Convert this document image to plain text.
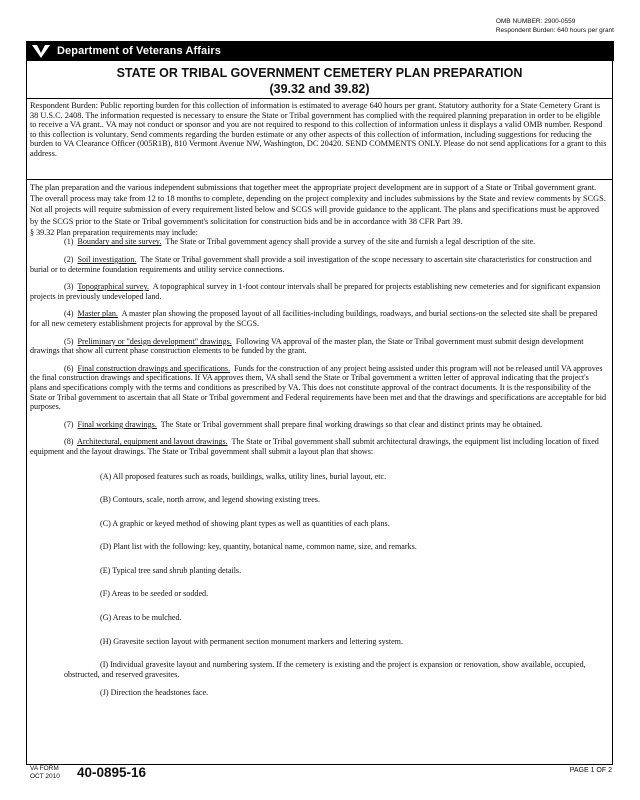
OMB NUMBER: 2900-0559
Respondent Burden: 640 hours per grant
Department of Veterans Affairs
STATE OR TRIBAL GOVERNMENT CEMETERY PLAN PREPARATION
(39.32 and 39.82)
Respondent Burden: Public reporting burden for this collection of information is estimated to average 640 hours per grant. Statutory authority for a State Cemetery Grant is 38 U.S.C. 2408. The information requested is necessary to ensure the State or Tribal government has complied with the required planning preparation in order to be eligible to receive a VA grant.. VA may not conduct or sponsor and you are not required to respond to this collection of information unless it displays a valid OMB number. Respond to this collection is voluntary. Send comments regarding the burden estimate or any other aspects of this collection of information, including suggestions for reducing the burden to VA Clearance Officer (005R1B), 810 Vermont Avenue NW, Washington, DC 20420. SEND COMMENTS ONLY. Please do not send applications for a grant to this address.

The plan preparation and the various independent submissions that together meet the appropriate project development are in support of a State or Tribal government grant. The overall process may take from 12 to 18 months to complete, depending on the project complexity and includes submissions by the State and review comments by SCGS. Not all projects will require submission of every requirement listed below and SCGS will provide guidance to the applicant. The plans and specifications must be approved by the SCGS prior to the State or Tribal government's solicitation for construction bids and be in accordance with 38 CFR Part 39.

§ 39.32 Plan preparation requirements may include:

(1) Boundary and site survey. The State or Tribal government agency shall provide a survey of the site and furnish a legal description of the site.

(2) Soil investigation. The State or Tribal government shall provide a soil investigation of the scope necessary to ascertain site characteristics for construction and burial or to determine foundation requirements and utility service connections.

(3) Topographical survey. A topographical survey in 1-foot contour intervals shall be prepared for projects establishing new cemeteries and for significant expansion projects in previously undeveloped land.

(4) Master plan. A master plan showing the proposed layout of all facilities-including buildings, roadways, and burial sections-on the selected site shall be prepared for all new cemetery establishment projects for approval by the SCGS.

(5) Preliminary or "design development" drawings. Following VA approval of the master plan, the State or Tribal government must submit design development drawings that show all current phase construction elements to be funded by the grant.

(6) Final construction drawings and specifications. Funds for the construction of any project being assisted under this program will not be released until VA approves the final construction drawings and specifications. If VA approves them, VA shall send the State or Tribal government a written letter of approval indicating that the project's plans and specifications comply with the terms and conditions as prescribed by VA. This does not constitute approval of the contract documents. It is the responsibility of the State or Tribal government to ascertain that all State or Tribal government and Federal requirements have been met and that the drawings and specifications are acceptable for bid purposes.

(7) Final working drawings. The State or Tribal government shall prepare final working drawings so that clear and distinct prints may be obtained.

(8) Architectural, equipment and layout drawings. The State or Tribal government shall submit architectural drawings, the equipment list including location of fixed equipment and the layout drawings. The State or Tribal government shall submit a layout plan that shows:

(A) All proposed features such as roads, buildings, walks, utility lines, burial layout, etc.
(B) Contours, scale, north arrow, and legend showing existing trees.
(C) A graphic or keyed method of showing plant types as well as quantities of each plans.
(D) Plant list with the following: key, quantity, botanical name, common name, size, and remarks.
(E) Typical tree sand shrub planting details.
(F) Areas to be seeded or sodded.
(G) Areas to be mulched.
(H) Gravesite section layout with permanent section monument markers and lettering system.
(I) Individual gravesite layout and numbering system. If the cemetery is existing and the project is expansion or renovation, show available, occupied, obstructed, and reserved gravesites.
(J) Direction the headstones face.
VA FORM
OCT 2010 40-0895-16	PAGE 1 OF 2
